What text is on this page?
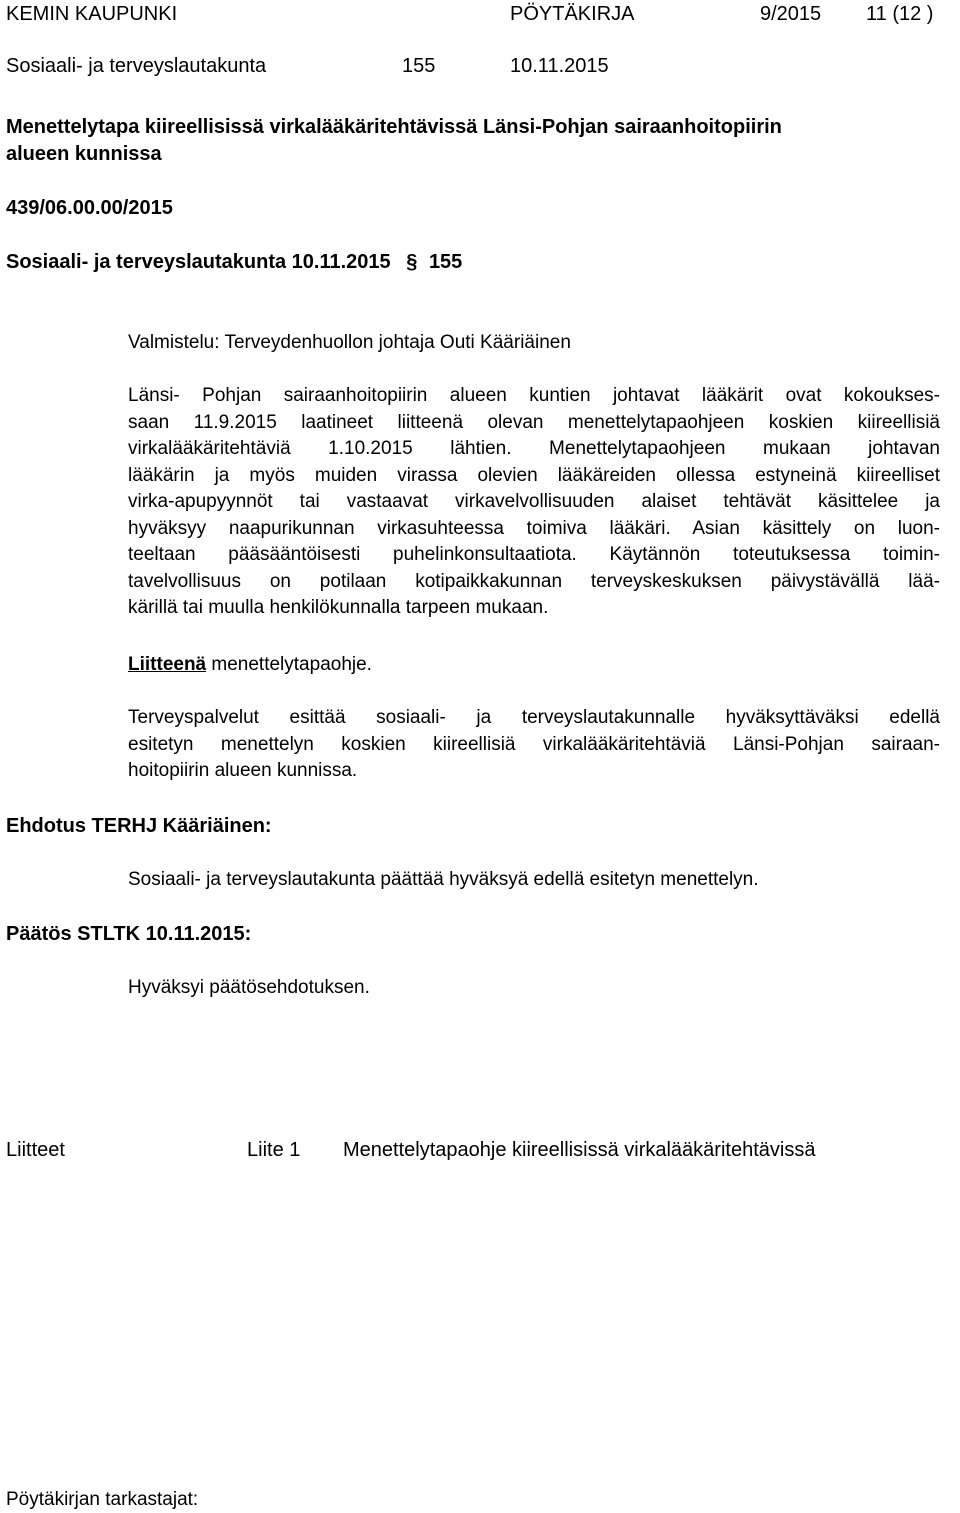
KEMIN KAUPUNKI	PÖYTÄKIRJA	9/2015 11 (12 )
Sosiaali- ja terveyslautakunta	155	10.11.2015
Menettelytapa kiireellisissä virkalääkäritehtävissä Länsi-Pohjan sairaanhoitopiirin
alueen kunnissa
439/06.00.00/2015
Sosiaali- ja terveyslautakunta 10.11.2015 § 155
Valmistelu: Terveydenhuollon johtaja Outi Kääriäinen
Länsi- Pohjan sairaanhoitopiirin alueen kuntien johtavat lääkärit ovat kokoukses-
saan 11.9.2015 laatineet liitteenä olevan menettelytapaohjeen koskien kiireellisiä
virkalääkäritehtäviä 1.10.2015 lähtien. Menettelytapaohjeen mukaan johtavan
lääkärin ja myös muiden virassa olevien lääkäreiden ollessa estyneinä kiireelliset
virka-apupyynnöt tai vastaavat virkavelvollisuuden alaiset tehtävät käsittelee ja
hyväksyy naapurikunnan virkasuhteessa toimiva lääkäri. Asian käsittely on luon-
teeltaan pääsääntöisesti puhelinkonsultaatiota. Käytännön toteutuksessa toimin-
tavelvollisuus on potilaan kotipaikkakunnan terveyskeskuksen päivystävällä lää-
kärillä tai muulla henkilökunnalla tarpeen mukaan.
Liitteenä menettelytapaohje.
Terveyspalvelut esittää sosiaali- ja terveyslautakunnalle hyväksyttäväksi edellä
esitetyn menettelyn koskien kiireellisiä virkalääkäritehtäviä Länsi-Pohjan sairaan-
hoitopiirin alueen kunnissa.
Ehdotus TERHJ Kääriäinen:
Sosiaali- ja terveyslautakunta päättää hyväksyä edellä esitetyn menettelyn.
Päätös STLTK 10.11.2015:
Hyväksyi päätösehdotuksen.
Liitteet	Liite 1 Menettelytapaohje kiireellisissä virkalääkäritehtävissä
Pöytäkirjan tarkastajat:
